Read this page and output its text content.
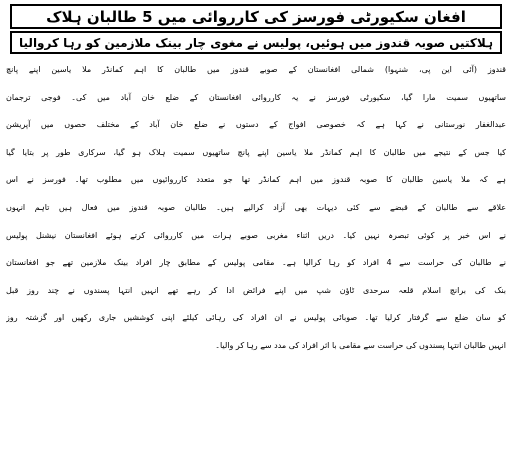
افغان سکیورٹی فورسز کی کارروائی میں 5 طالبان ہلاک
ہلاکتیں صوبہ قندوز میں ہوئیں، پولیس نے مغوی چار بینک ملازمین کو رہا کروالیا
قندوز (آئی این پی، شنہوا) شمالی افغانستان کے صوبے قندوز میں طالبان کا اہم کمانڈر ملا یاسین اپنے پانچ
ساتھیوں سمیت مارا گیا، سکیورٹی فورسز نے یہ کارروائی افغانستان کے ضلع خان آباد میں کی۔ فوجی ترجمان
عبدالغفار نورستانی نے کہا ہے کہ خصوصی افواج کے دستوں نے ضلع خان آباد کے مختلف حصوں میں آپریشن
کیا جس کے نتیجے میں طالبان کا اہم کمانڈر ملا یاسین اپنے پانچ ساتھیوں سمیت ہلاک ہو گیا، سرکاری طور پر بتایا گیا
ہے کہ ملا یاسین طالبان کا صوبہ قندوز میں اہم کمانڈر تھا جو متعدد کارروائیوں میں مطلوب تھا۔ فورسز نے اس
علاقے سے طالبان کے قبضے سے کئی دیہات بھی آزاد کرالیے ہیں۔ طالبان صوبہ قندوز میں فعال ہیں تاہم انہوں
نے اس خبر پر کوئی تبصرہ نہیں کیا۔ دریں اثناء مغربی صوبے ہرات میں کارروائی کرتے ہوئے افغانستان نیشنل پولیس
نے طالبان کی حراست سے 4 افراد کو رہا کرالیا ہے۔ مقامی پولیس کے مطابق چار افراد بینک ملازمین تھے جو افغانستان
بنک کی برانچ اسلام قلعہ سرحدی ٹاؤن شپ میں اپنے فرائض ادا کر رہے تھے انہیں انتہا پسندوں نے چند روز قبل
کو سان ضلع سے گرفتار کرلیا تھا۔ صوبائی پولیس نے ان افراد کی رہائی کیلئے اپنی کوششیں جاری رکھیں اور گزشتہ روز
انہیں طالبان انتہا پسندوں کی حراست سے مقامی با اثر افراد کی مدد سے رہا کر والیا۔
